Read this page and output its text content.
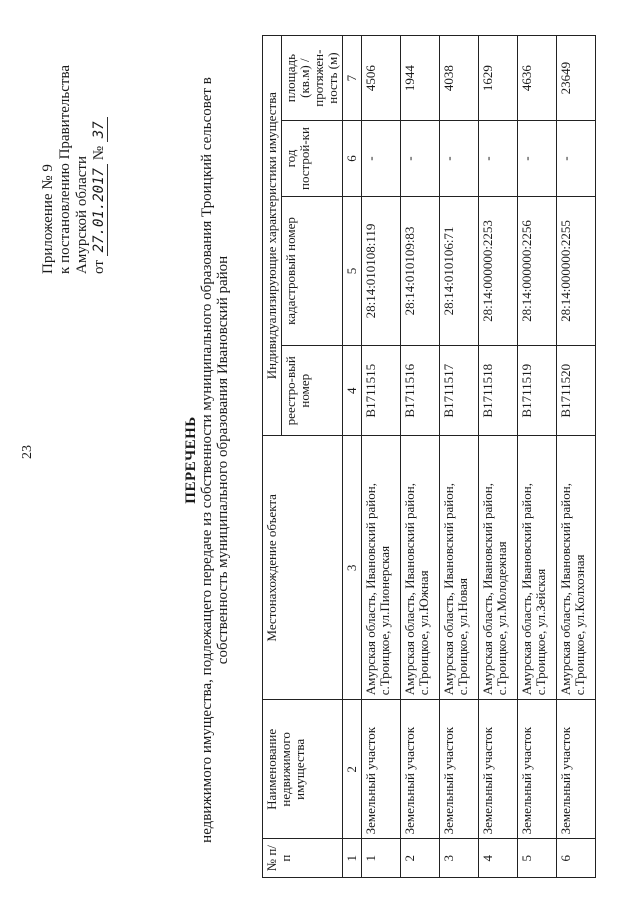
23
Приложение № 9 к постановлению Правительства Амурской области от 27.01.2017 № 37
ПЕРЕЧЕНЬ недвижимого имущества, подлежащего передаче из собственности муниципального образования Троицкий сельсовет в собственность муниципального образования Ивановский район
№ п/п	Наименование недвижимого имущества	Местонахождение объекта	Индивидуализирующие характеристики имущества			
			реестро-вый номер	кадастровый номер	год построй-ки	площадь (кв.м) / протяжен-ность (м)
1	2	3	4	5	6	7
1	Земельный участок	Амурская область, Ивановский район, с.Троицкое, ул.Пионерская	B1711515	28:14:010108:119	-	4506
2	Земельный участок	Амурская область, Ивановский район, с.Троицкое, ул.Южная	B1711516	28:14:010109:83	-	1944
3	Земельный участок	Амурская область, Ивановский район, с.Троицкое, ул.Новая	B1711517	28:14:010106:71	-	4038
4	Земельный участок	Амурская область, Ивановский район, с.Троицкое, ул.Молодежная	B1711518	28:14:000000:2253	-	1629
5	Земельный участок	Амурская область, Ивановский район, с.Троицкое, ул.Зейская	B1711519	28:14:000000:2256	-	4636
6	Земельный участок	Амурская область, Ивановский район, с.Троицкое, ул.Колхозная	B1711520	28:14:000000:2255	-	23649
